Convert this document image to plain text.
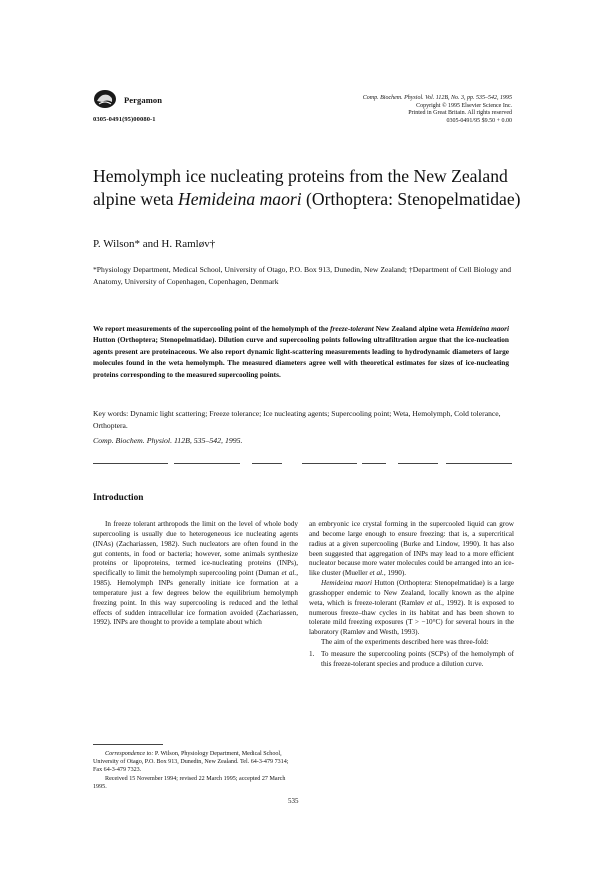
Pergamon
0305-0491(95)00080-1
Comp. Biochem. Physiol. Vol. 112B, No. 3, pp. 535–542, 1995
Copyright © 1995 Elsevier Science Inc.
Printed in Great Britain. All rights reserved
0305-0491/95 $9.50 + 0.00
Hemolymph ice nucleating proteins from the New Zealand alpine weta Hemideina maori (Orthoptera: Stenopelmatidae)
P. Wilson* and H. Ramløv†
*Physiology Department, Medical School, University of Otago, P.O. Box 913, Dunedin, New Zealand; †Department of Cell Biology and Anatomy, University of Copenhagen, Copenhagen, Denmark
We report measurements of the supercooling point of the hemolymph of the freeze-tolerant New Zealand alpine weta Hemideina maori Hutton (Orthoptera; Stenopelmatidae). Dilution curve and supercooling points following ultrafiltration argue that the ice-nucleation agents present are proteinaceous. We also report dynamic light-scattering measurements leading to hydrodynamic diameters of large molecules found in the weta hemolymph. The measured diameters agree well with theoretical estimates for sizes of ice-nucleating proteins corresponding to the measured supercooling points.
Key words: Dynamic light scattering; Freeze tolerance; Ice nucleating agents; Supercooling point; Weta, Hemolymph, Cold tolerance, Orthoptera.
Comp. Biochem. Physiol. 112B, 535–542, 1995.
Introduction

In freeze tolerant arthropods the limit on the level of whole body supercooling is usually due to heterogeneous ice nucleating agents (INAs) (Zachariassen, 1982). Such nucleators are often found in the gut contents, in food or bacteria; however, some animals synthesize proteins or lipoproteins, termed ice-nucleating proteins (INPs), specifically to limit the hemolymph supercooling point (Duman et al., 1985). Hemolymph INPs generally initiate ice formation at a temperature just a few degrees below the equilibrium hemolymph freezing point. In this way supercooling is reduced and the lethal effects of sudden intracellular ice formation avoided (Zachariassen, 1992). INPs are thought to provide a template about which

Correspondence to: P. Wilson, Physiology Department, Medical School, University of Otago, P.O. Box 913, Dunedin, New Zealand. Tel. 64-3-479 7314; Fax 64-3-479 7323.

Received 15 November 1994; revised 22 March 1995; accepted 27 March 1995.

an embryonic ice crystal forming in the supercooled liquid can grow and become large enough to ensure freezing: that is, a supercritical radius at a given supercooling (Burke and Lindow, 1990). It has also been suggested that aggregation of INPs may lead to a more efficient nucleator because more water molecules could be arranged into an ice-like cluster (Mueller et al., 1990).

Hemideina maori Hutton (Orthoptera: Stenopelmatidae) is a large grasshopper endemic to New Zealand, locally known as the alpine weta, which is freeze-tolerant (Ramløv et al., 1992). It is exposed to numerous freeze–thaw cycles in its habitat and has been shown to tolerate mild freezing exposures (T > −10°C) for several hours in the laboratory (Ramløv and Westh, 1993).

The aim of the experiments described here was three-fold:

1. To measure the supercooling points (SCPs) of the hemolymph of this freeze-tolerant species and produce a dilution curve.
535
